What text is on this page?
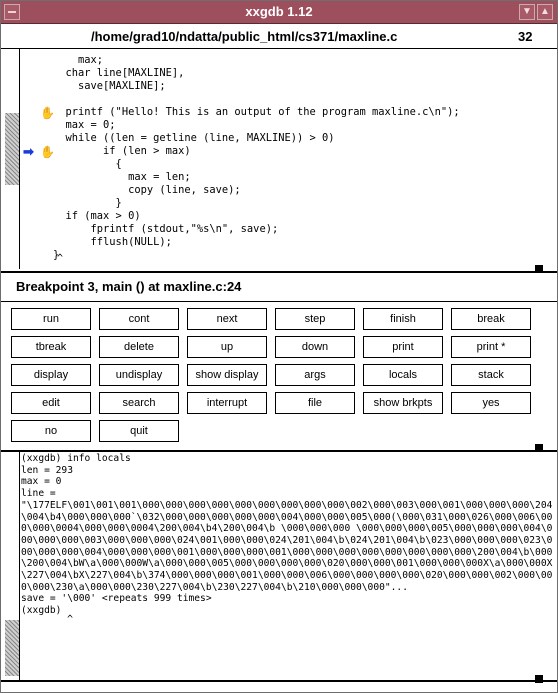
xxgdb 1.12	▼ ▲
/home/grad10/ndatta/public_html/cs371/maxline.c	32
✋
➡ ✋
max;
char line[MAXLINE],
save[MAXLINE];
printf ("Hello! This is an output of the program maxline.c\n");
max = 0;
while ((len = getline (line, MAXLINE)) > 0)
if (len > max)
{
max = len;
copy (line, save);
}
if (max > 0)
fprintf (stdout,"%s\n", save);
fflush(NULL);
}
^
Breakpoint 3, main () at maxline.c:24
run	cont	next	step	finish	break
tbreak	delete	up	down	print	print *
display	undisplay	show display	args	locals	stack
edit	search	interrupt	file	show brkpts	yes
no	quit
(xxgdb) info locals
len = 293
max = 0
line =
"\177ELF\001\001\001\000\000\000\000\000\000\000\000\000\002\000\003\000\001\000\000\000\204\004\b4\000\000\000`\032\000\000\000\000\000\004\000\000\005\000(\000\031\000\026\000\006\000\000\0004\000\000\0004\200\004\b4\200\004\b \000\000\000 \000\000\000\005\000\000\000\004\000\000\000\003\000\000\000\024\001\000\000\024\201\004\b\024\201\004\b\023\000\000\000\023\000\000\000\004\000\000\000\001\000\000\000\001\000\000\000\000\000\000\000\000\200\004\b\000\200\004\bW\a\000\000W\a\000\000\005\000\000\000\000\020\000\000\001\000\000\000X\a\000\000X\227\004\bX\227\004\b\374\000\000\000\001\000\000\006\000\000\000\000\020\000\000\002\000\000\000\230\a\000\000\230\227\004\b\230\227\004\b\210\000\000\000"...
save = '\000' <repeats 999 times>
(xxgdb)
^
